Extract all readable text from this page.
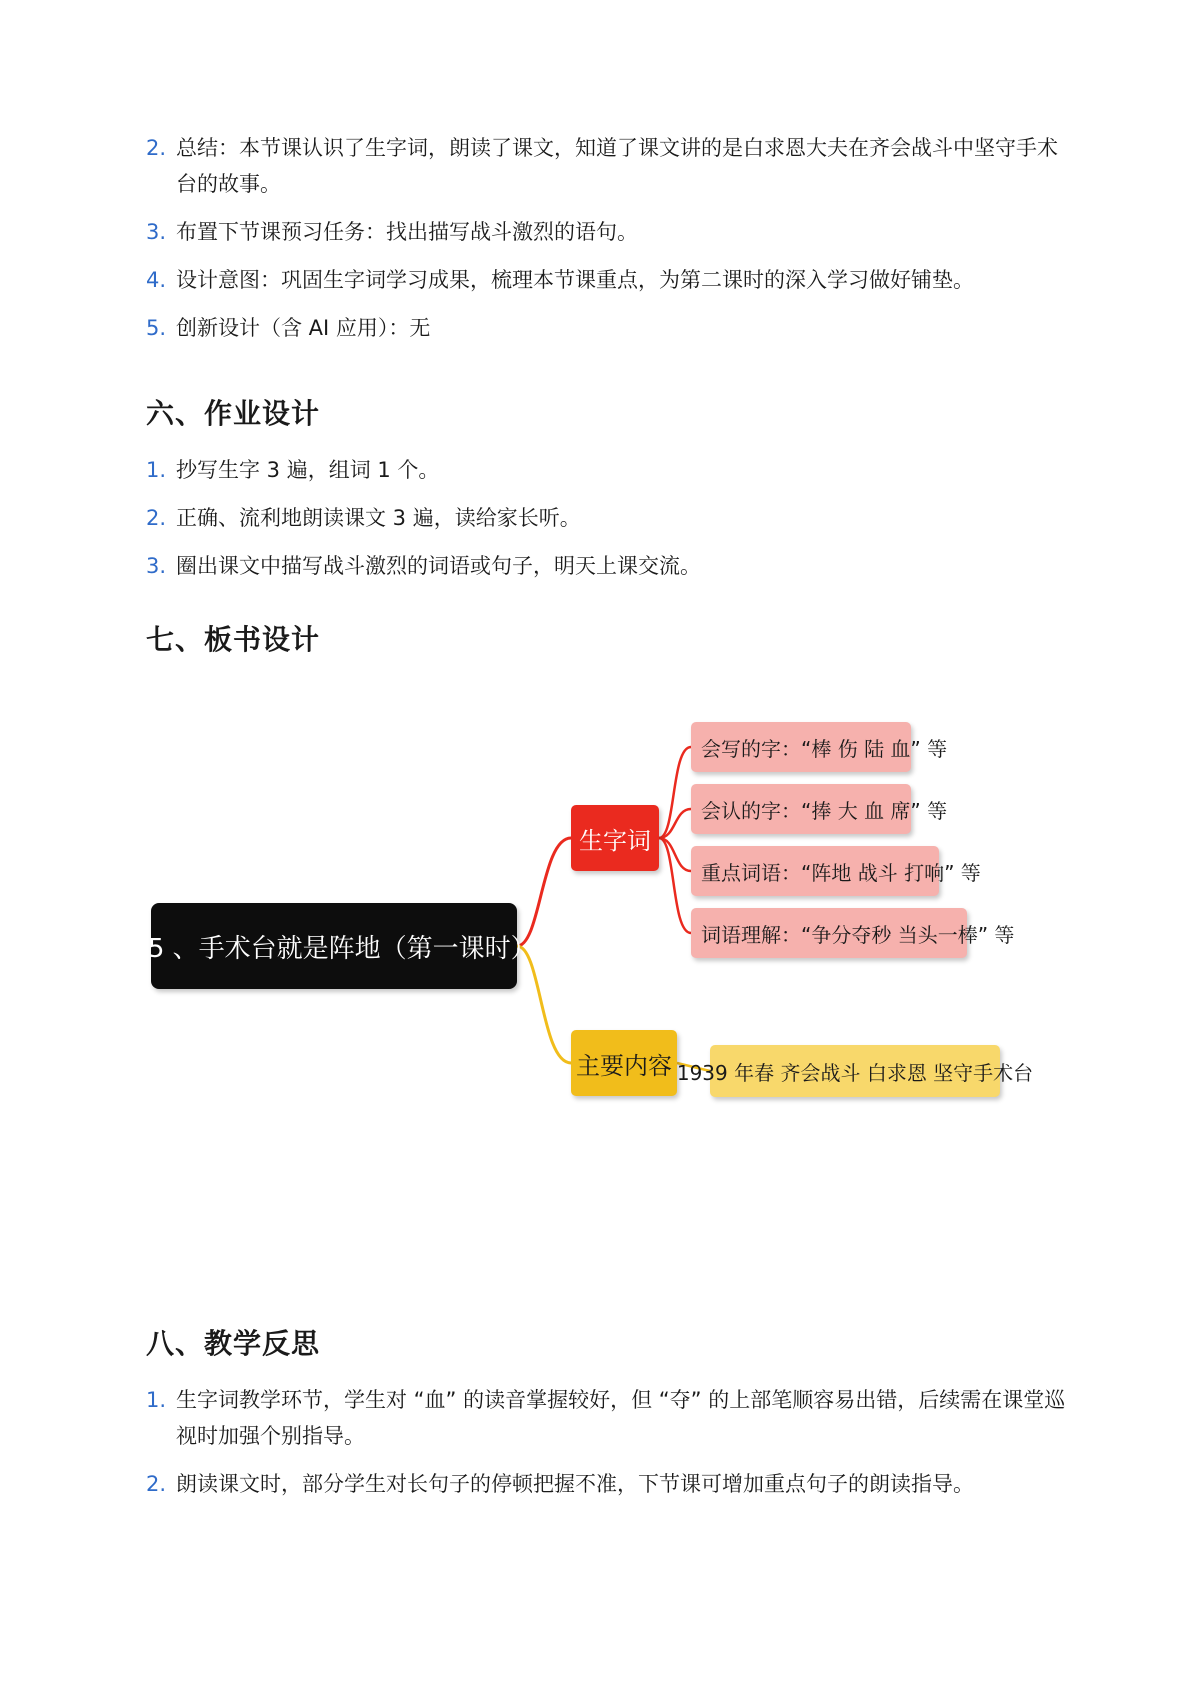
2. 总结：本节课认识了生字词，朗读了课文，知道了课文讲的是白求恩大夫在齐会战斗中坚守手术台的故事。
3. 布置下节课预习任务：找出描写战斗激烈的语句。
4. 设计意图：巩固生字词学习成果，梳理本节课重点，为第二课时的深入学习做好铺垫。
5. 创新设计（含 AI 应用）：无
六、作业设计
1. 抄写生字 3 遍，组词 1 个。
2. 正确、流利地朗读课文 3 遍，读给家长听。
3. 圈出课文中描写战斗激烈的词语或句子，明天上课交流。
七、板书设计
25 、手术台就是阵地（第一课时）
生字词
主要内容
会写的字：“棒 伤 陆 血” 等
会认的字：“捧 大 血 席” 等
重点词语：“阵地 战斗 打响” 等
词语理解：“争分夺秒 当头一棒” 等
1939 年春 齐会战斗 白求恩 坚守手术台
八、教学反思
1. 生字词教学环节，学生对 “血” 的读音掌握较好，但 “夺” 的上部笔顺容易出错，后续需在课堂巡视时加强个别指导。
2. 朗读课文时，部分学生对长句子的停顿把握不准，下节课可增加重点句子的朗读指导。
